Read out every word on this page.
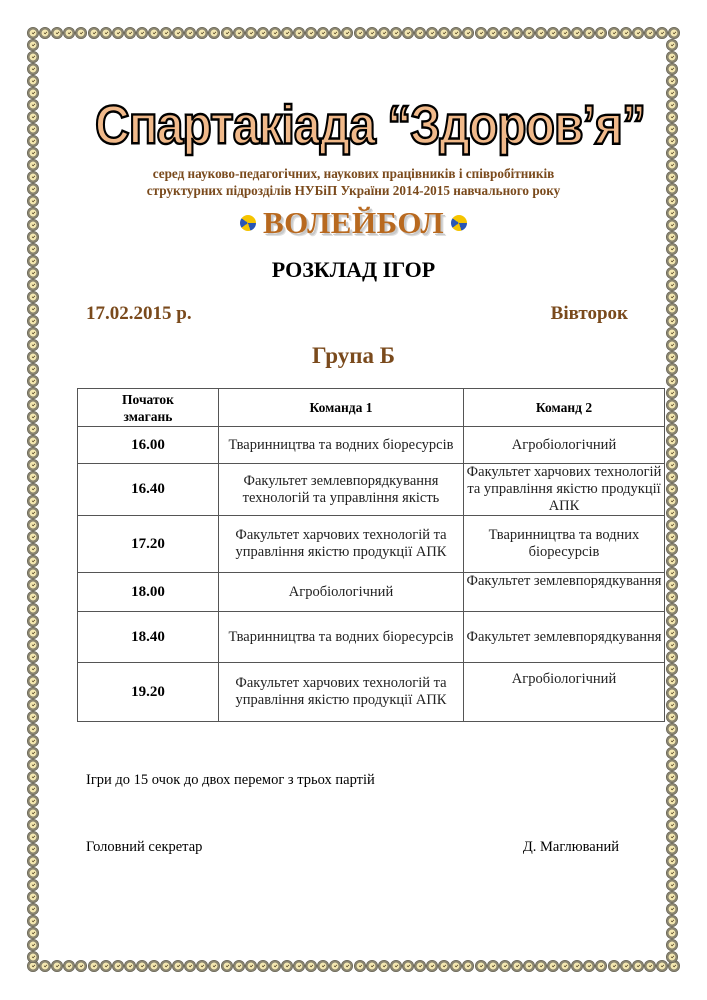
Спартакіада “Здоров’я”
серед науково-педагогічних, наукових працівників і співробітників
структурних підрозділів НУБіП України 2014-2015 навчального року
ВОЛЕЙБОЛ
РОЗКЛАД ІГОР
17.02.2015 р.	Вівторок
Група Б
Початок змагань	Команда 1	Команд 2
16.00	Тваринництва та водних біоресурсів	Агробіологічний
16.40	Факультет землевпорядкування технологій та управління якість	Факультет харчових технологій та управління якістю продукції АПК
17.20	Факультет харчових технологій та управління якістю продукції АПК	Тваринництва та водних біоресурсів
18.00	Агробіологічний	Факультет землевпорядкування
18.40	Тваринництва та водних біоресурсів	Факультет землевпорядкування
19.20	Факультет харчових технологій та управління якістю продукції АПК	Агробіологічний
Ігри до 15 очок до двох перемог з трьох партій
Головний секретар	Д. Маглюваний
